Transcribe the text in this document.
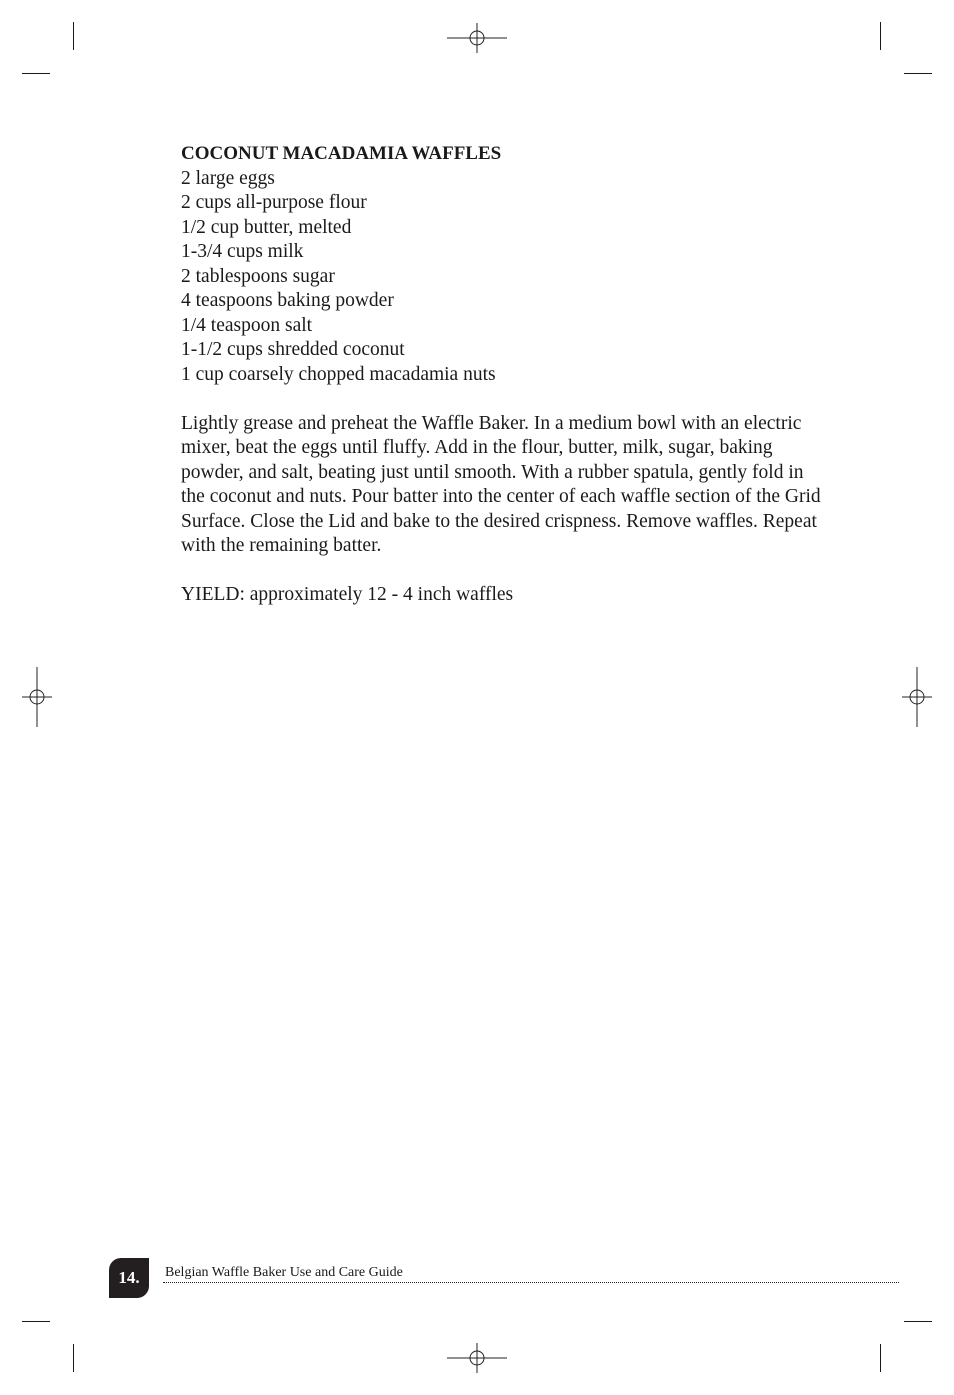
COCONUT MACADAMIA WAFFLES
2 large eggs
2 cups all-purpose flour
1/2 cup butter, melted
1-3/4 cups milk
2 tablespoons sugar
4 teaspoons baking powder
1/4 teaspoon salt
1-1/2 cups shredded coconut
1 cup coarsely chopped macadamia nuts

Lightly grease and preheat the Waffle Baker. In a medium bowl with an electric mixer, beat the eggs until fluffy. Add in the flour, butter, milk, sugar, baking powder, and salt, beating just until smooth. With a rubber spatula, gently fold in the coconut and nuts. Pour batter into the center of each waffle section of the Grid Surface. Close the Lid and bake to the desired crispness. Remove waffles. Repeat with the remaining batter.

YIELD: approximately 12 - 4 inch waffles

14.	Belgian Waffle Baker Use and Care Guide
